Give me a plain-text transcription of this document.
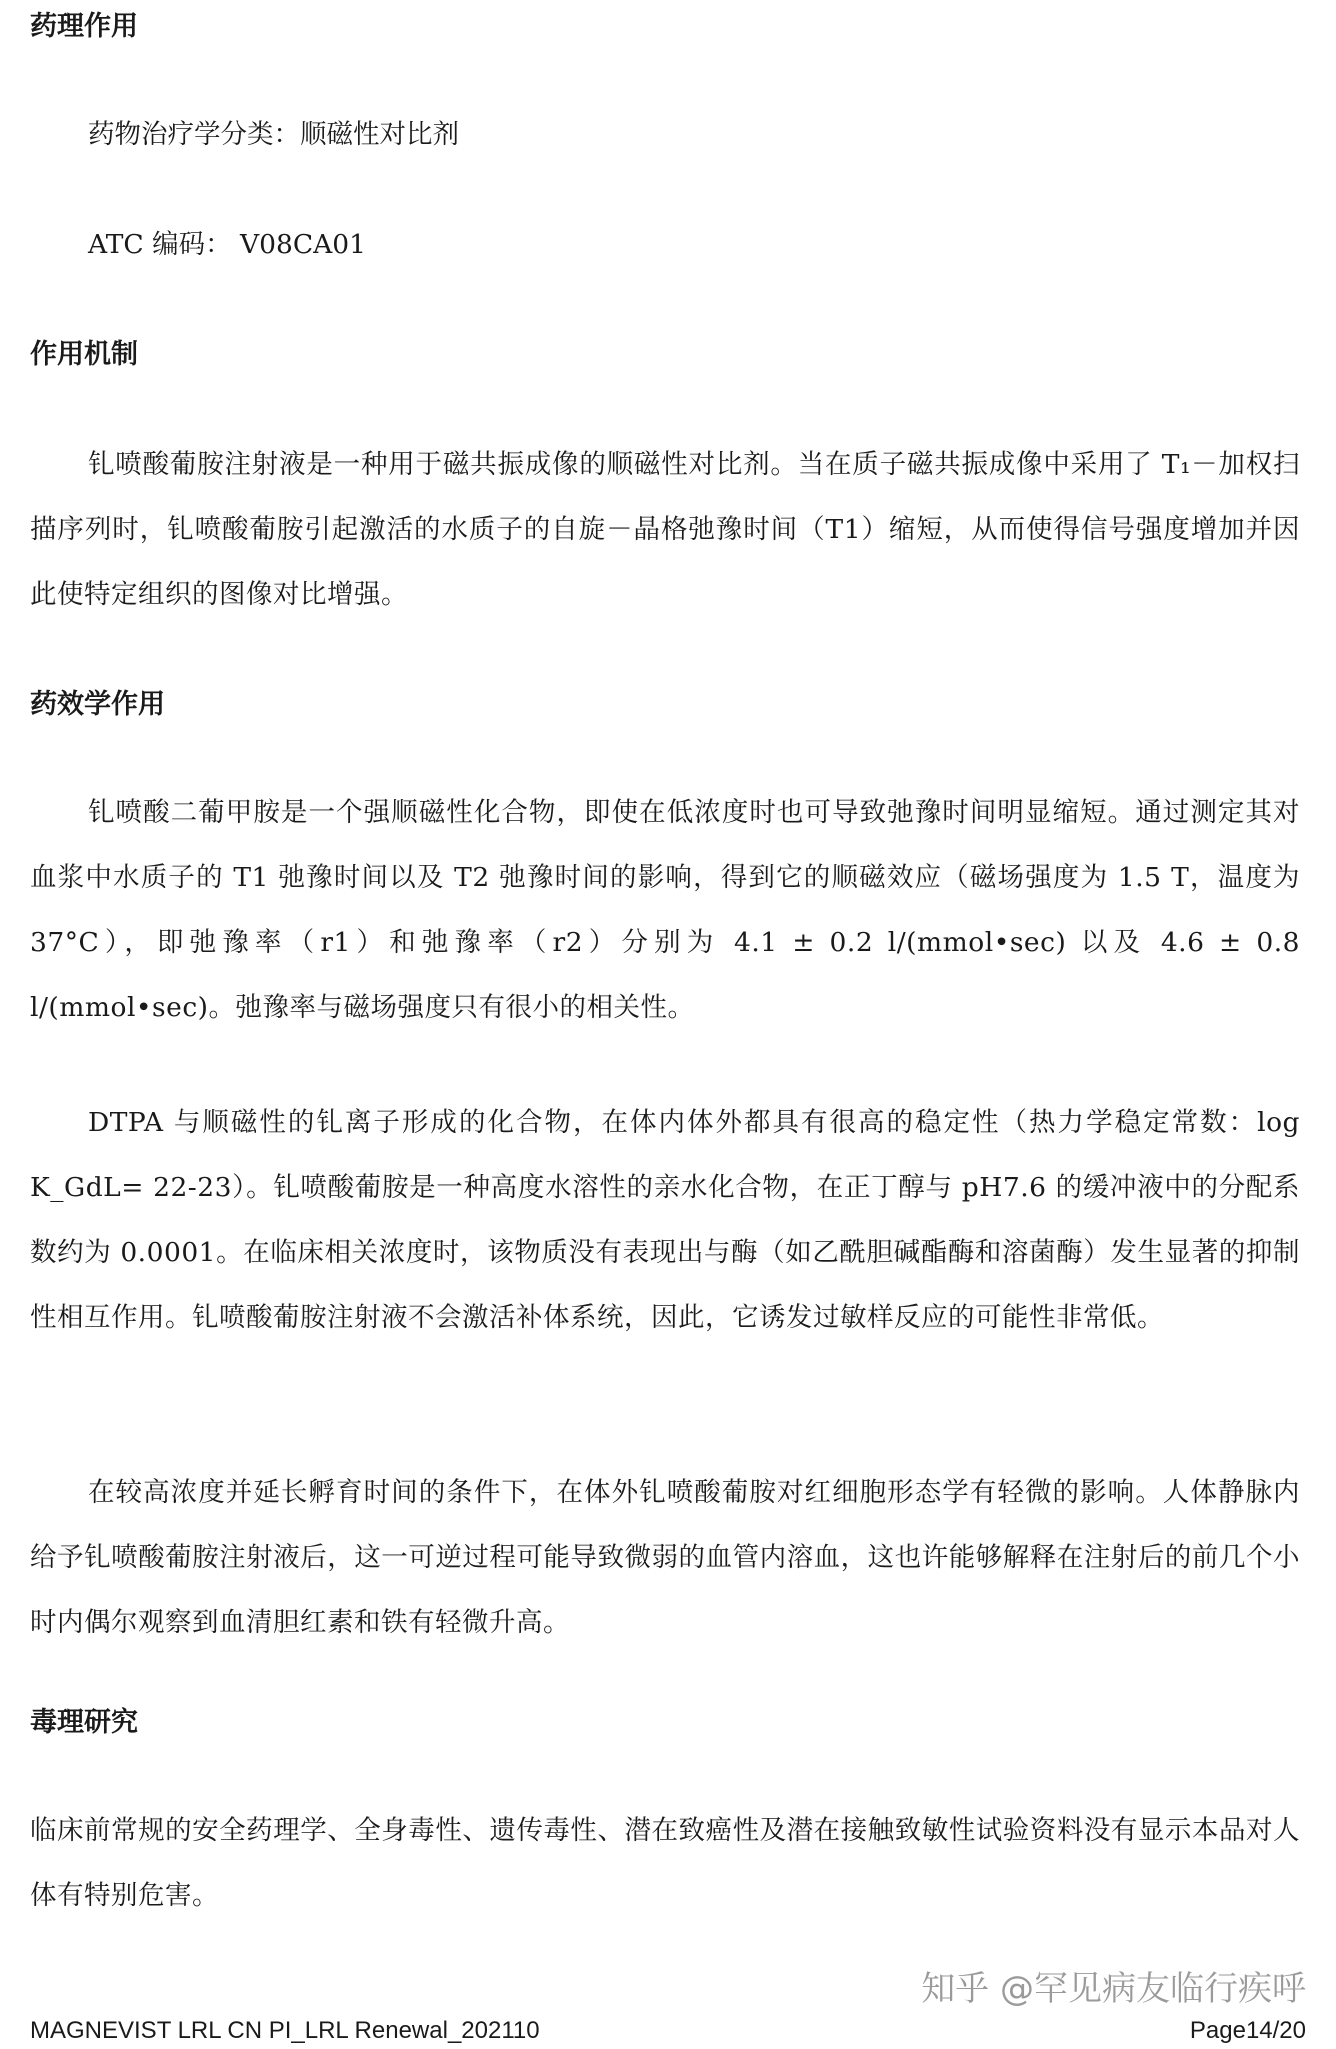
药理作用

药物治疗学分类：顺磁性对比剂

ATC 编码： V08CA01

作用机制

钆喷酸葡胺注射液是一种用于磁共振成像的顺磁性对比剂。当在质子磁共振成像中采用了 T₁－加权扫描序列时，钆喷酸葡胺引起激活的水质子的自旋－晶格弛豫时间（T1）缩短，从而使得信号强度增加并因此使特定组织的图像对比增强。

药效学作用

钆喷酸二葡甲胺是一个强顺磁性化合物，即使在低浓度时也可导致弛豫时间明显缩短。通过测定其对血浆中水质子的 T1 弛豫时间以及 T2 弛豫时间的影响，得到它的顺磁效应（磁场强度为 1.5 T，温度为 37°C），即弛豫率（r1）和弛豫率（r2）分别为 4.1 ± 0.2 l/(mmol•sec) 以及 4.6 ± 0.8 l/(mmol•sec)。弛豫率与磁场强度只有很小的相关性。

DTPA 与顺磁性的钆离子形成的化合物，在体内体外都具有很高的稳定性（热力学稳定常数：log K_GdL= 22-23）。钆喷酸葡胺是一种高度水溶性的亲水化合物，在正丁醇与 pH7.6 的缓冲液中的分配系数约为 0.0001。在临床相关浓度时，该物质没有表现出与酶（如乙酰胆碱酯酶和溶菌酶）发生显著的抑制性相互作用。钆喷酸葡胺注射液不会激活补体系统，因此，它诱发过敏样反应的可能性非常低。

在较高浓度并延长孵育时间的条件下，在体外钆喷酸葡胺对红细胞形态学有轻微的影响。人体静脉内给予钆喷酸葡胺注射液后，这一可逆过程可能导致微弱的血管内溶血，这也许能够解释在注射后的前几个小时内偶尔观察到血清胆红素和铁有轻微升高。

毒理研究

临床前常规的安全药理学、全身毒性、遗传毒性、潜在致癌性及潜在接触致敏性试验资料没有显示本品对人体有特别危害。

知乎 @罕见病友临行疾呼
MAGNEVIST LRL CN PI_LRL Renewal_202110	Page14/20
